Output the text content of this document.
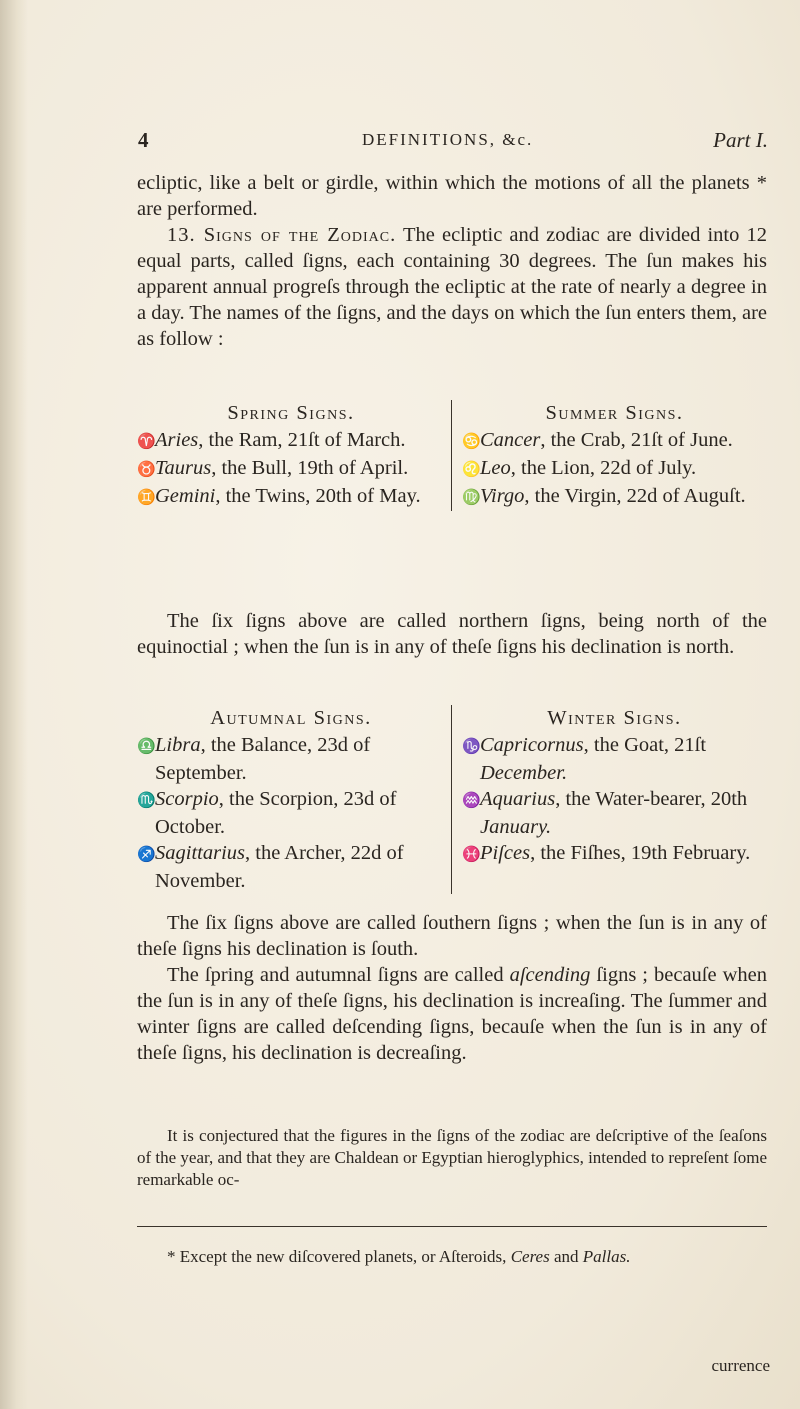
4	DEFINITIONS, &c.	Part I.

ecliptic, like a belt or girdle, within which the motions of all the planets * are performed.

13. Signs of the Zodiac. The ecliptic and zodiac are divided into 12 equal parts, called ſigns, each containing 30 degrees. The ſun makes his apparent annual progreſs through the ecliptic at the rate of nearly a degree in a day. The names of the ſigns, and the days on which the ſun enters them, are as follow :

Spring Signs.
♈Aries, the Ram, 21ſt of March.
♉Taurus, the Bull, 19th of April.
♊Gemini, the Twins, 20th of May.
Summer Signs.
♋Cancer, the Crab, 21ſt of June.
♌Leo, the Lion, 22d of July.
♍Virgo, the Virgin, 22d of Auguſt.

The ſix ſigns above are called northern ſigns, being north of the equinoctial ; when the ſun is in any of theſe ſigns his declination is north.

Autumnal Signs.
♎Libra, the Balance, 23d of September.
♏Scorpio, the Scorpion, 23d of October.
♐Sagittarius, the Archer, 22d of November.
Winter Signs.
♑Capricornus, the Goat, 21ſt December.
♒Aquarius, the Water-bearer, 20th January.
♓Piſces, the Fiſhes, 19th February.

The ſix ſigns above are called ſouthern ſigns ; when the ſun is in any of theſe ſigns his declination is ſouth.

The ſpring and autumnal ſigns are called aſcending ſigns ; becauſe when the ſun is in any of theſe ſigns, his declination is increaſing. The ſummer and winter ſigns are called deſcending ſigns, becauſe when the ſun is in any of theſe ſigns, his declination is decreaſing.

It is conjectured that the figures in the ſigns of the zodiac are deſcriptive of the ſeaſons of the year, and that they are Chaldean or Egyptian hieroglyphics, intended to repreſent ſome remarkable oc-

* Except the new diſcovered planets, or Aſteroids, Ceres and Pallas.

currence
